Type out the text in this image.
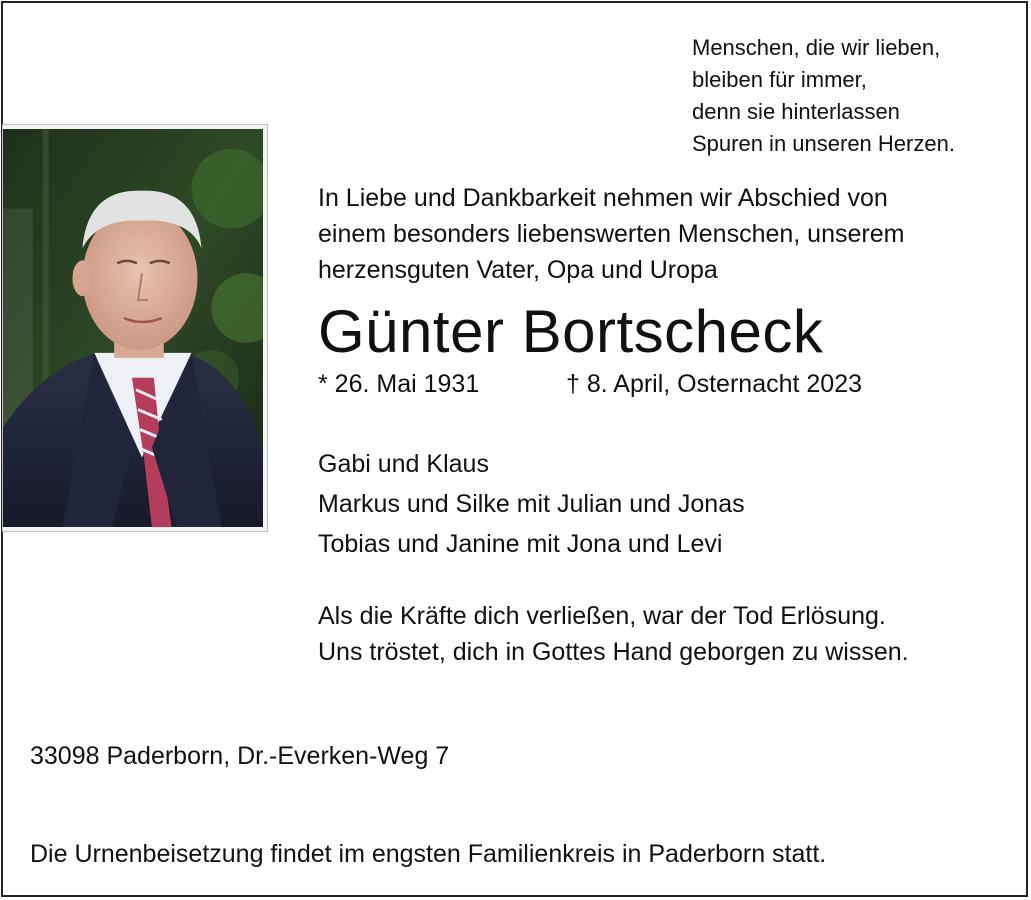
Menschen, die wir lieben,
bleiben für immer,
denn sie hinterlassen
Spuren in unseren Herzen.
In Liebe und Dankbarkeit nehmen wir Abschied von
einem besonders liebenswerten Menschen, unserem
herzensguten Vater, Opa und Uropa
Günter Bortscheck
* 26. Mai 1931	† 8. April, Osternacht 2023
Gabi und Klaus
Markus und Silke mit Julian und Jonas
Tobias und Janine mit Jona und Levi
Als die Kräfte dich verließen, war der Tod Erlösung.
Uns tröstet, dich in Gottes Hand geborgen zu wissen.
33098 Paderborn, Dr.-Everken-Weg 7
Die Urnenbeisetzung findet im engsten Familienkreis in Paderborn statt.
